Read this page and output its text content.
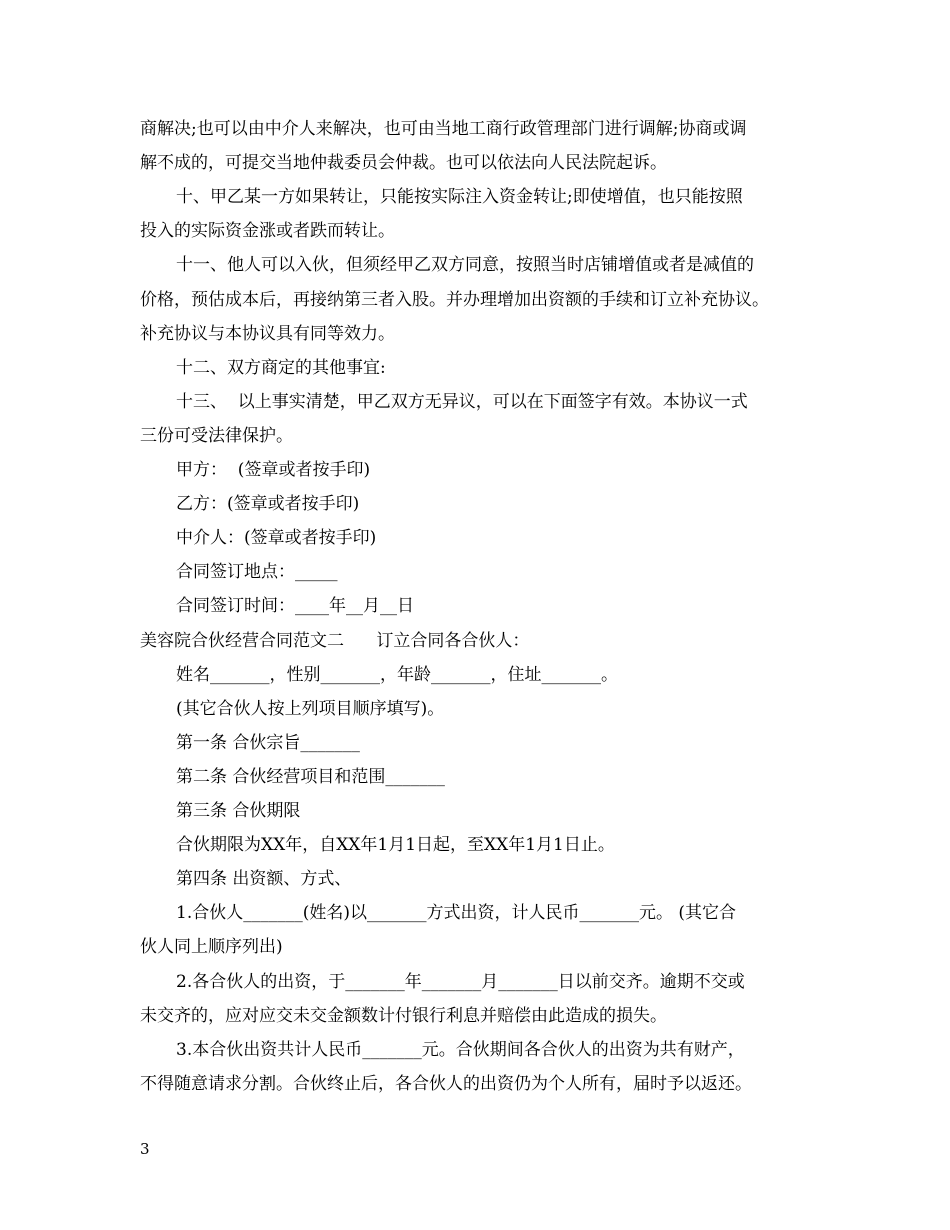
商解决;也可以由中介人来解决，也可由当地工商行政管理部门进行调解;协商或调
解不成的，可提交当地仲裁委员会仲裁。也可以依法向人民法院起诉。
十、甲乙某一方如果转让，只能按实际注入资金转让;即使增值，也只能按照
投入的实际资金涨或者跌而转让。
十一、他人可以入伙，但须经甲乙双方同意，按照当时店铺增值或者是减值的
价格，预估成本后，再接纳第三者入股。并办理增加出资额的手续和订立补充协议。
补充协议与本协议具有同等效力。
十二、双方商定的其他事宜:
十三、  以上事实清楚，甲乙双方无异议，可以在下面签字有效。本协议一式
三份可受法律保护。
甲方：  (签章或者按手印)
乙方：(签章或者按手印)
中介人：(签章或者按手印)
合同签订地点：_____
合同签订时间：____年__月__日
美容院合伙经营合同范文二      订立合同各合伙人：
姓名_______，性别_______，年龄_______，住址_______。
(其它合伙人按上列项目顺序填写)。
第一条 合伙宗旨_______
第二条 合伙经营项目和范围_______
第三条 合伙期限
合伙期限为XX年，自XX年1月1日起，至XX年1月1日止。
第四条 出资额、方式、
1.合伙人_______(姓名)以_______方式出资，计人民币_______元。 (其它合
伙人同上顺序列出)
2.各合伙人的出资，于_______年_______月_______日以前交齐。逾期不交或
未交齐的，应对应交未交金额数计付银行利息并赔偿由此造成的损失。
3.本合伙出资共计人民币_______元。合伙期间各合伙人的出资为共有财产，
不得随意请求分割。合伙终止后，各合伙人的出资仍为个人所有，届时予以返还。
3
